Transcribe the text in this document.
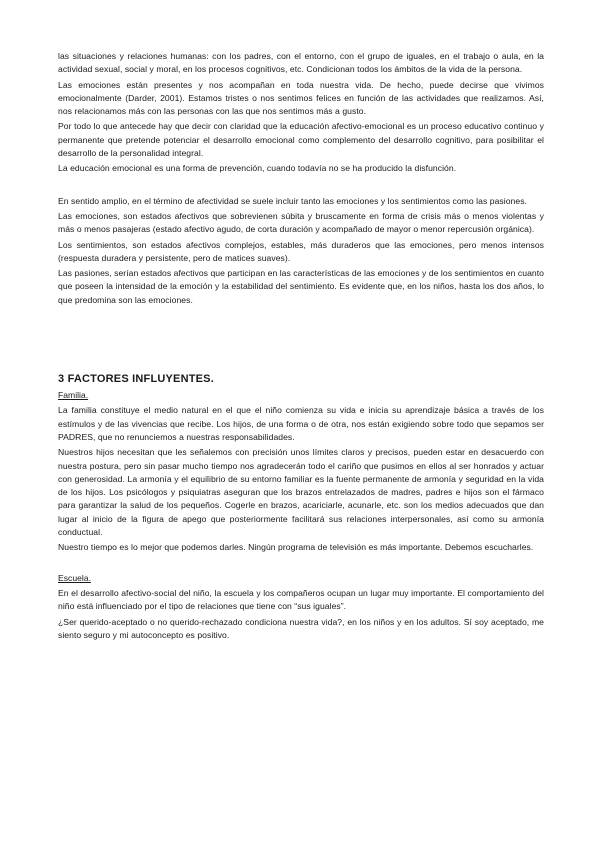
las situaciones y relaciones humanas: con los padres, con el entorno, con el grupo de iguales, en el trabajo o aula, en la actividad sexual, social y moral, en los procesos cognitivos, etc. Condicionan todos los ámbitos de la vida de la persona.

Las emociones están presentes y nos acompañan en toda nuestra vida. De hecho, puede decirse que vivimos emocionalmente (Darder, 2001). Estamos tristes o nos sentimos felices en función de las actividades que realizamos. Así, nos relacionamos más con las personas con las que nos sentimos más a gusto.

Por todo lo que antecede hay que decir con claridad que la educación afectivo-emocional es un proceso educativo continuo y permanente que pretende potenciar el desarrollo emocional como complemento del desarrollo cognitivo, para posibilitar el desarrollo de la personalidad integral.

La educación emocional es una forma de prevención, cuando todavía no se ha producido la disfunción.

En sentido amplio, en el término de afectividad se suele incluir tanto las emociones y los sentimientos como las pasiones.

Las emociones, son estados afectivos que sobrevienen súbita y bruscamente en forma de crisis más o menos violentas y más o menos pasajeras (estado afectivo agudo, de corta duración y acompañado de mayor o menor repercusión orgánica).

Los sentimientos, son estados afectivos complejos, estables, más duraderos que las emociones, pero menos intensos (respuesta duradera y persistente, pero de matices suaves).

Las pasiones, serían estados afectivos que participan en las características de las emociones y de los sentimientos en cuanto que poseen la intensidad de la emoción y la estabilidad del sentimiento. Es evidente que, en los niños, hasta los dos años, lo que predomina son las emociones.

3 FACTORES INFLUYENTES.
Familia.

La familia constituye el medio natural en el que el niño comienza su vida e inicia su aprendizaje básica a través de los estímulos y de las vivencias que recibe. Los hijos, de una forma o de otra, nos están exigiendo sobre todo que sepamos ser PADRES, que no renunciemos a nuestras responsabilidades.

Nuestros hijos necesitan que les señalemos con precisión unos límites claros y precisos, pueden estar en desacuerdo con nuestra postura, pero sin pasar mucho tiempo nos agradecerán todo el cariño que pusimos en ellos al ser honrados y actuar con generosidad. La armonía y el equilibrio de su entorno familiar es la fuente permanente de armonía y seguridad en la vida de los hijos. Los psicólogos y psiquiatras aseguran que los brazos entrelazados de madres, padres e hijos son el fármaco para garantizar la salud de los pequeños. Cogerle en brazos, acariciarle, acunarle, etc. son los medios adecuados que dan lugar al inicio de la figura de apego que posteriormente facilitará sus relaciones interpersonales, así como su armonía conductual.

Nuestro tiempo es lo mejor que podemos darles. Ningún programa de televisión es más importante. Debemos escucharles.

Escuela.

En el desarrollo afectivo-social del niño, la escuela y los compañeros ocupan un lugar muy importante. El comportamiento del niño está influenciado por el tipo de relaciones que tiene con “sus iguales”.

¿Ser querido-aceptado o no querido-rechazado condiciona nuestra vida?, en los niños y en los adultos. Sí soy aceptado, me siento seguro y mi autoconcepto es positivo.
